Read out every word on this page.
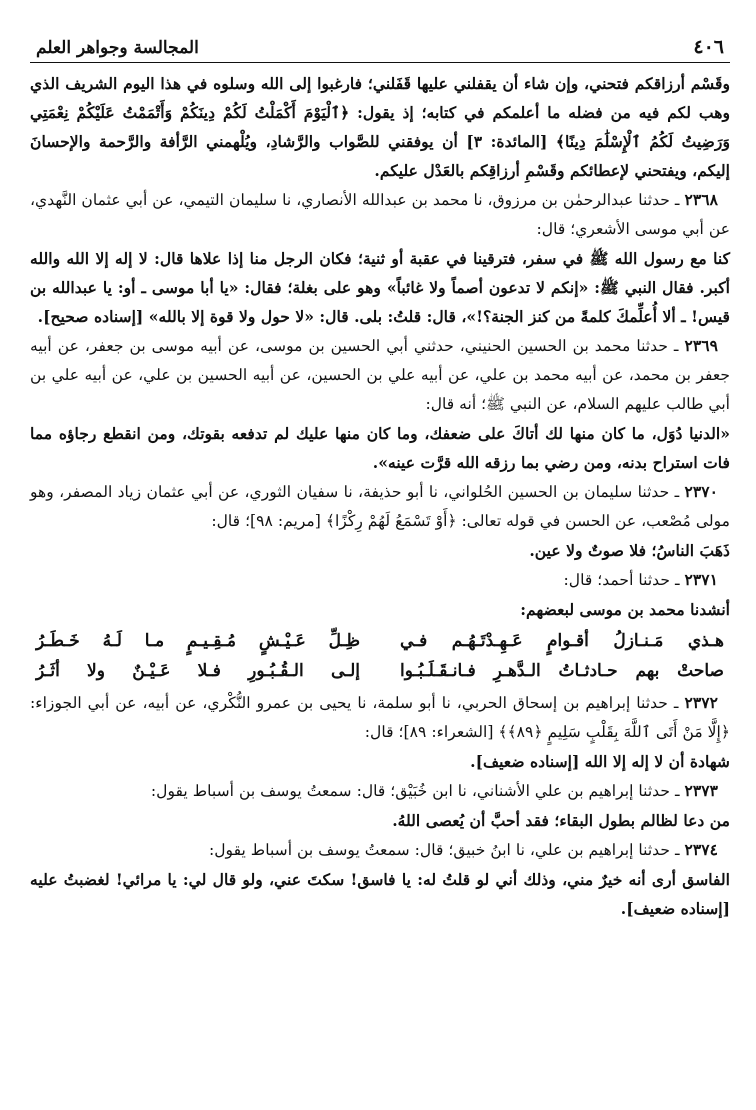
٤٠٦
المجالسة وجواهر العلم

وقَسْم أرزاقكم فتحني، وإن شاء أن يقفلني عليها قَفَلني؛ فارغبوا إلى الله وسلوه في هذا اليوم الشريف الذي وهب لكم فيه من فضله ما أعلمكم في كتابه؛ إذ يقول: ﴿ٱلْيَوْمَ أَكْمَلْتُ لَكُمْ دِينَكُمْ وَأَتْمَمْتُ عَلَيْكُمْ نِعْمَتِي وَرَضِيتُ لَكُمُ ٱلْإِسْلَٰمَ دِينًا﴾ [المائدة: ٣] أن يوفقني للصَّواب والرَّشادِ، ويُلْهمني الرَّأفة والرَّحمة والإحسانَ إليكم، ويفتحني لإعطائكم وقَسْمِ أرزاقِكم بالعَدْل عليكم.

٢٣٦٨ ـ حدثنا عبدالرحمٰن بن مرزوق، نا محمد بن عبدالله الأنصاري، نا سليمان التيمي، عن أبي عثمان النَّهدي، عن أبي موسى الأشعري؛ قال:

كنا مع رسول الله ﷺ في سفر، فترقينا في عقبة أو ثنية؛ فكان الرجل منا إذا علاها قال: لا إله إلا الله والله أكبر. فقال النبي ﷺ: «إنكم لا تدعون أصماً ولا غائباً» وهو على بغلة؛ فقال: «يا أبا موسى ـ أو: يا عبدالله بن قيس! ـ ألا أُعلِّمكَ كلمةً من كنز الجنة؟!»، قال: قلتُ: بلى. قال: «لا حول ولا قوة إلا بالله» [إسناده صحيح].

٢٣٦٩ ـ حدثنا محمد بن الحسين الحنيني، حدثني أبي الحسين بن موسى، عن أبيه موسى بن جعفر، عن أبيه جعفر بن محمد، عن أبيه محمد بن علي، عن أبيه علي بن الحسين، عن أبيه الحسين بن علي، عن أبيه علي بن أبي طالب عليهم السلام، عن النبي ﷺ؛ أنه قال:

«الدنيا دُوَل، ما كان منها لك أتاكَ على ضعفك، وما كان منها عليك لم تدفعه بقوتك، ومن انقطع رجاؤه مما فات استراح بدنه، ومن رضي بما رزقه الله قرَّت عينه».

٢٣٧٠ ـ حدثنا سليمان بن الحسين الحُلواني، نا أبو حذيفة، نا سفيان الثوري، عن أبي عثمان زياد المصفر، وهو مولى مُصْعب، عن الحسن في قوله تعالى: ﴿أَوْ تَسْمَعُ لَهُمْ رِكْزًا﴾ [مريم: ٩٨]؛ قال:

ذَهَبَ الناسُ؛ فلا صوتٌ ولا عين.

٢٣٧١ ـ حدثنا أحمد؛ قال:

أنشدنا محمد بن موسى لبعضهم:

هـذي مَـنـازلُ أقـوامٍ عَـهِـدْتَـهُـم فـي
ظِـلِّ عَـيْـشٍ مُـقِـيـمٍ مـا لَـهُ خَـطَـرُ
صاحتْ بهم حـادثـاتُ الـدَّهـرِ فـانـقَـلَـبُـوا
إلـى الـقُـبُـورِ فـلا عَـيْـنٌ ولا أثَـرُ

٢٣٧٢ ـ حدثنا إبراهيم بن إسحاق الحربي، نا أبو سلمة، نا يحيى بن عمرو النُّكْري، عن أبيه، عن أبي الجوزاء: ﴿إِلَّا مَنْ أَتَى ٱللَّهَ بِقَلْبٍ سَلِيمٍ ﴿٨٩﴾﴾ [الشعراء: ٨٩]؛ قال:

شهادة أن لا إله إلا الله [إسناده ضعيف].

٢٣٧٣ ـ حدثنا إبراهيم بن علي الأشناني، نا ابن خُبَيْق؛ قال: سمعتُ يوسف بن أسباط يقول:

من دعا لظالم بطول البقاء؛ فقد أحبَّ أن يُعصى اللهُ.

٢٣٧٤ ـ حدثنا إبراهيم بن علي، نا ابنُ خبيق؛ قال: سمعتُ يوسف بن أسباط يقول:

الفاسق أرى أنه خيرٌ مني، وذلك أني لو قلتُ له: يا فاسق! سكتَ عني، ولو قال لي: يا مرائي! لغضبتُ عليه [إسناده ضعيف].
